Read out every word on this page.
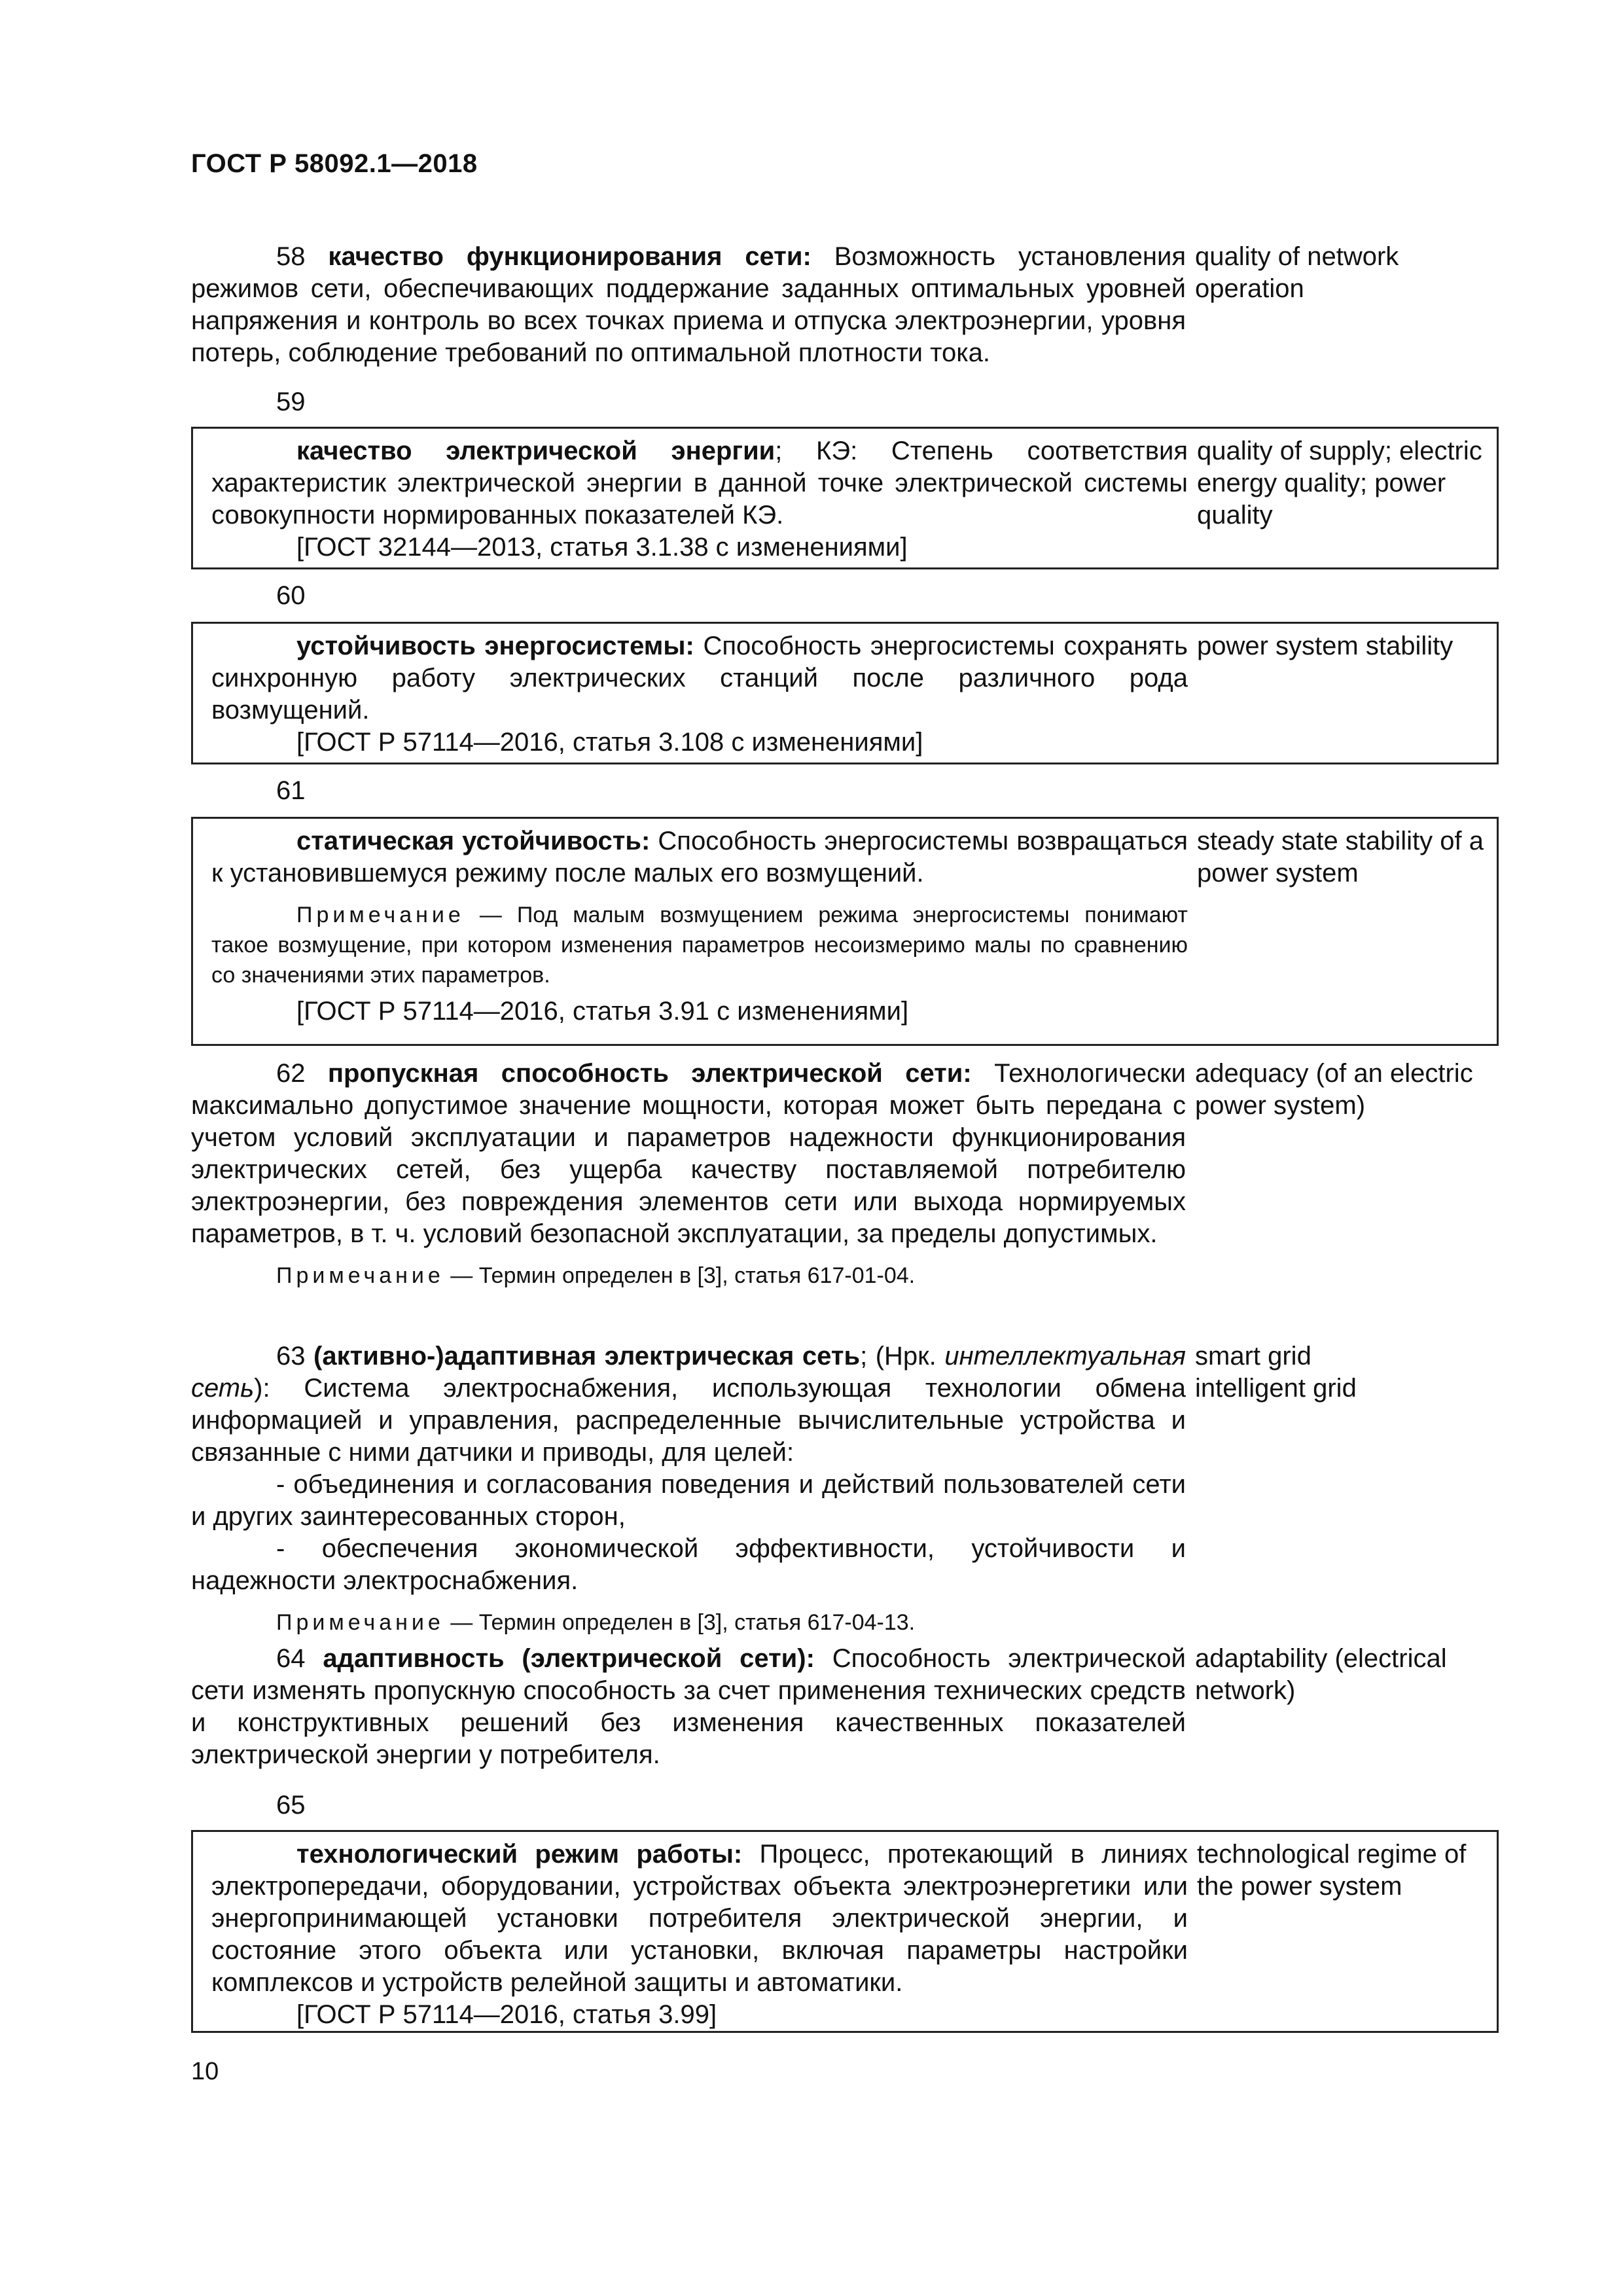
ГОСТ Р 58092.1—2018

58 качество функционирования сети: Возможность установления режимов сети, обеспечивающих поддержание заданных оптимальных уровней напряжения и контроль во всех точках приема и отпуска электроэнергии, уровня потерь, соблюдение требований по оптимальной плотности тока.

quality of network operation
59

качество электрической энергии; КЭ: Степень соответствия характеристик электрической энергии в данной точке электрической системы совокупности нормированных показателей КЭ.

[ГОСТ 32144—2013, статья 3.1.38 с изменениями]

quality of supply; electric energy quality; power quality
60

устойчивость энергосистемы: Способность энергосистемы сохранять синхронную работу электрических станций после различного рода возмущений.

[ГОСТ Р 57114—2016, статья 3.108 с изменениями]

power system stability
61

статическая устойчивость: Способность энергосистемы возвращаться к установившемуся режиму после малых его возмущений.

Примечание — Под малым возмущением режима энергосистемы понимают такое возмущение, при котором изменения параметров несоизмеримо малы по сравнению со значениями этих параметров.

[ГОСТ Р 57114—2016, статья 3.91 с изменениями]

steady state stability of a power system

62 пропускная способность электрической сети: Технологически максимально допустимое значение мощности, которая может быть передана с учетом условий эксплуатации и параметров надежности функционирования электрических сетей, без ущерба качеству поставляемой потребителю электроэнергии, без повреждения элементов сети или выхода нормируемых параметров, в т. ч. условий безопасной эксплуатации, за пределы допустимых.

Примечание — Термин определен в [3], статья 617-01-04.

adequacy (of an electric power system)

63 (активно-)адаптивная электрическая сеть; (Нрк. интеллектуальная сеть): Система электроснабжения, использующая технологии обмена информацией и управления, распределенные вычислительные устройства и связанные с ними датчики и приводы, для целей:

- объединения и согласования поведения и действий пользователей сети и других заинтересованных сторон,

- обеспечения экономической эффективности, устойчивости и надежности электроснабжения.

Примечание — Термин определен в [3], статья 617-04-13.

smart grid
intelligent grid

64 адаптивность (электрической сети): Способность электрической сети изменять пропускную способность за счет применения технических средств и конструктивных решений без изменения качественных показателей электрической энергии у потребителя.

adaptability (electrical network)
65

технологический режим работы: Процесс, протекающий в линиях электропередачи, оборудовании, устройствах объекта электроэнергетики или энергопринимающей установки потребителя электрической энергии, и состояние этого объекта или установки, включая параметры настройки комплексов и устройств релейной защиты и автоматики.

[ГОСТ Р 57114—2016, статья 3.99]

technological regime of the power system
10
